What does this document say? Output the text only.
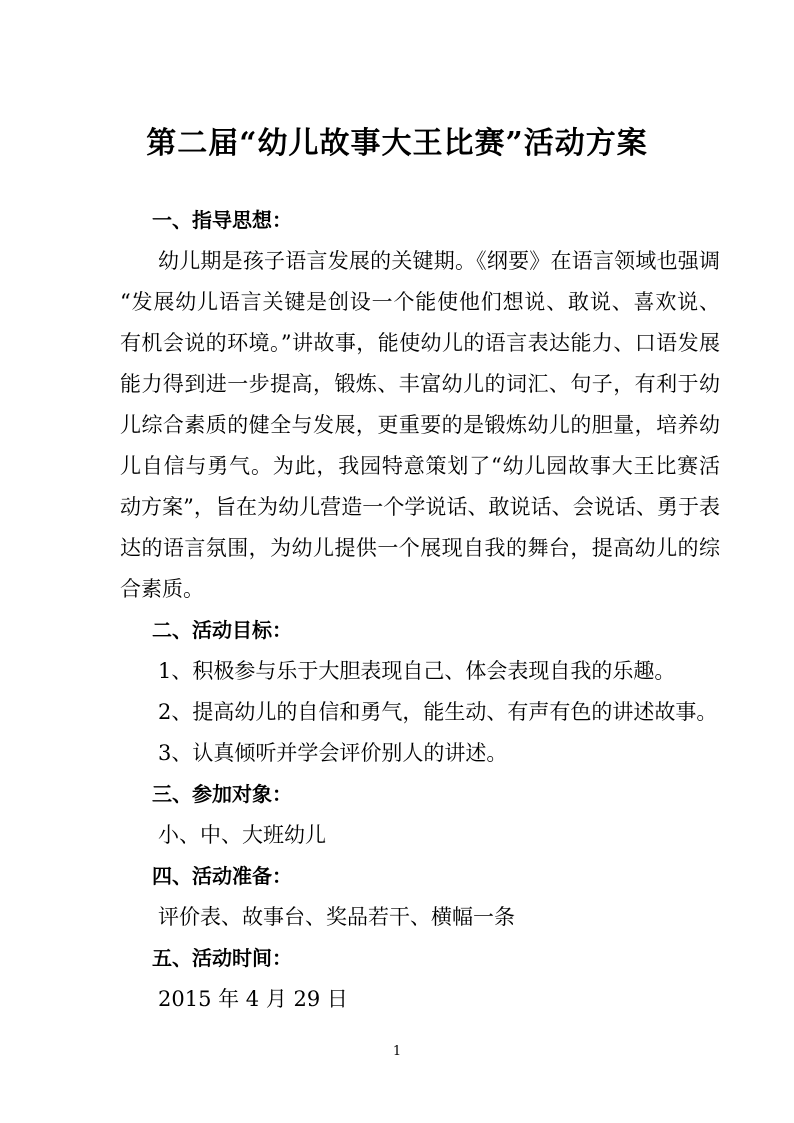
第二届“幼儿故事大王比赛”活动方案

一、指导思想：

幼儿期是孩子语言发展的关键期。《纲要》在语言领域也强调

“发展幼儿语言关键是创设一个能使他们想说、敢说、喜欢说、

有机会说的环境。”讲故事，能使幼儿的语言表达能力、口语发展

能力得到进一步提高，锻炼、丰富幼儿的词汇、句子，有利于幼

儿综合素质的健全与发展，更重要的是锻炼幼儿的胆量，培养幼

儿自信与勇气。为此，我园特意策划了“幼儿园故事大王比赛活

动方案”，旨在为幼儿营造一个学说话、敢说话、会说话、勇于表

达的语言氛围，为幼儿提供一个展现自我的舞台，提高幼儿的综

合素质。

二、活动目标：

1、积极参与乐于大胆表现自己、体会表现自我的乐趣。

2、提高幼儿的自信和勇气，能生动、有声有色的讲述故事。

3、认真倾听并学会评价别人的讲述。

三、参加对象：

小、中、大班幼儿

四、活动准备：

评价表、故事台、奖品若干、横幅一条

五、活动时间：

2015 年 4 月 29 日

1
